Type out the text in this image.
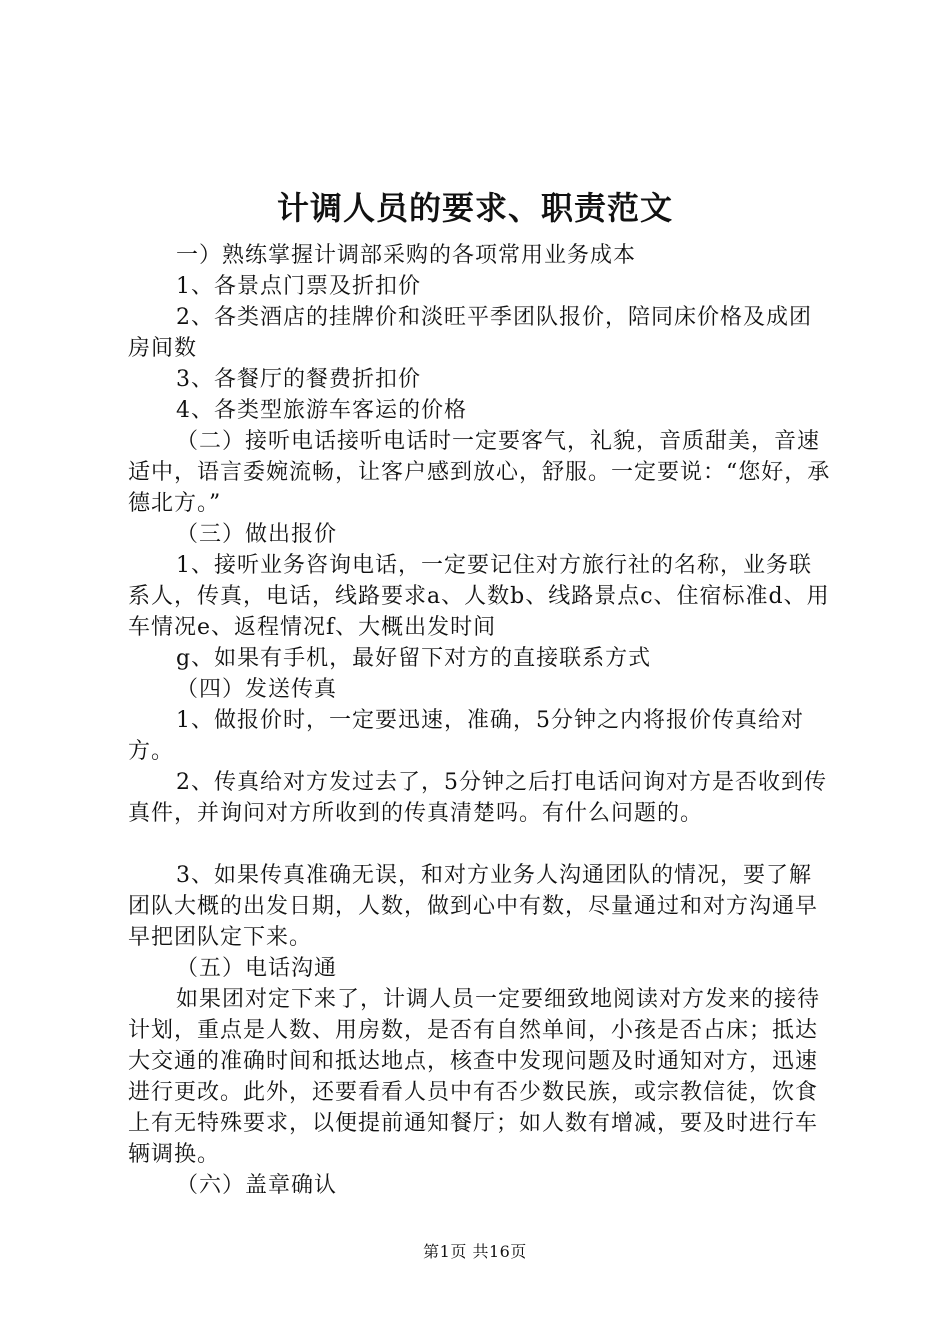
计调人员的要求、职责范文

一）熟练掌握计调部采购的各项常用业务成本

1、各景点门票及折扣价

2、各类酒店的挂牌价和淡旺平季团队报价，陪同床价格及成团房间数

3、各餐厅的餐费折扣价

4、各类型旅游车客运的价格

（二）接听电话接听电话时一定要客气，礼貌，音质甜美，音速适中，语言委婉流畅，让客户感到放心，舒服。一定要说：“您好，承德北方。”

（三）做出报价

1、接听业务咨询电话，一定要记住对方旅行社的名称，业务联系人，传真，电话，线路要求a、人数b、线路景点c、住宿标准d、用车情况e、返程情况f、大概出发时间

g、如果有手机，最好留下对方的直接联系方式

（四）发送传真

1、做报价时，一定要迅速，准确，5分钟之内将报价传真给对方。

2、传真给对方发过去了，5分钟之后打电话问询对方是否收到传真件，并询问对方所收到的传真清楚吗。有什么问题的。

3、如果传真准确无误，和对方业务人沟通团队的情况，要了解团队大概的出发日期，人数，做到心中有数，尽量通过和对方沟通早早把团队定下来。

（五）电话沟通

如果团对定下来了，计调人员一定要细致地阅读对方发来的接待计划，重点是人数、用房数，是否有自然单间，小孩是否占床；抵达大交通的准确时间和抵达地点，核查中发现问题及时通知对方，迅速进行更改。此外，还要看看人员中有否少数民族，或宗教信徒，饮食上有无特殊要求，以便提前通知餐厅；如人数有增减，要及时进行车辆调换。

（六）盖章确认

第1页 共16页
